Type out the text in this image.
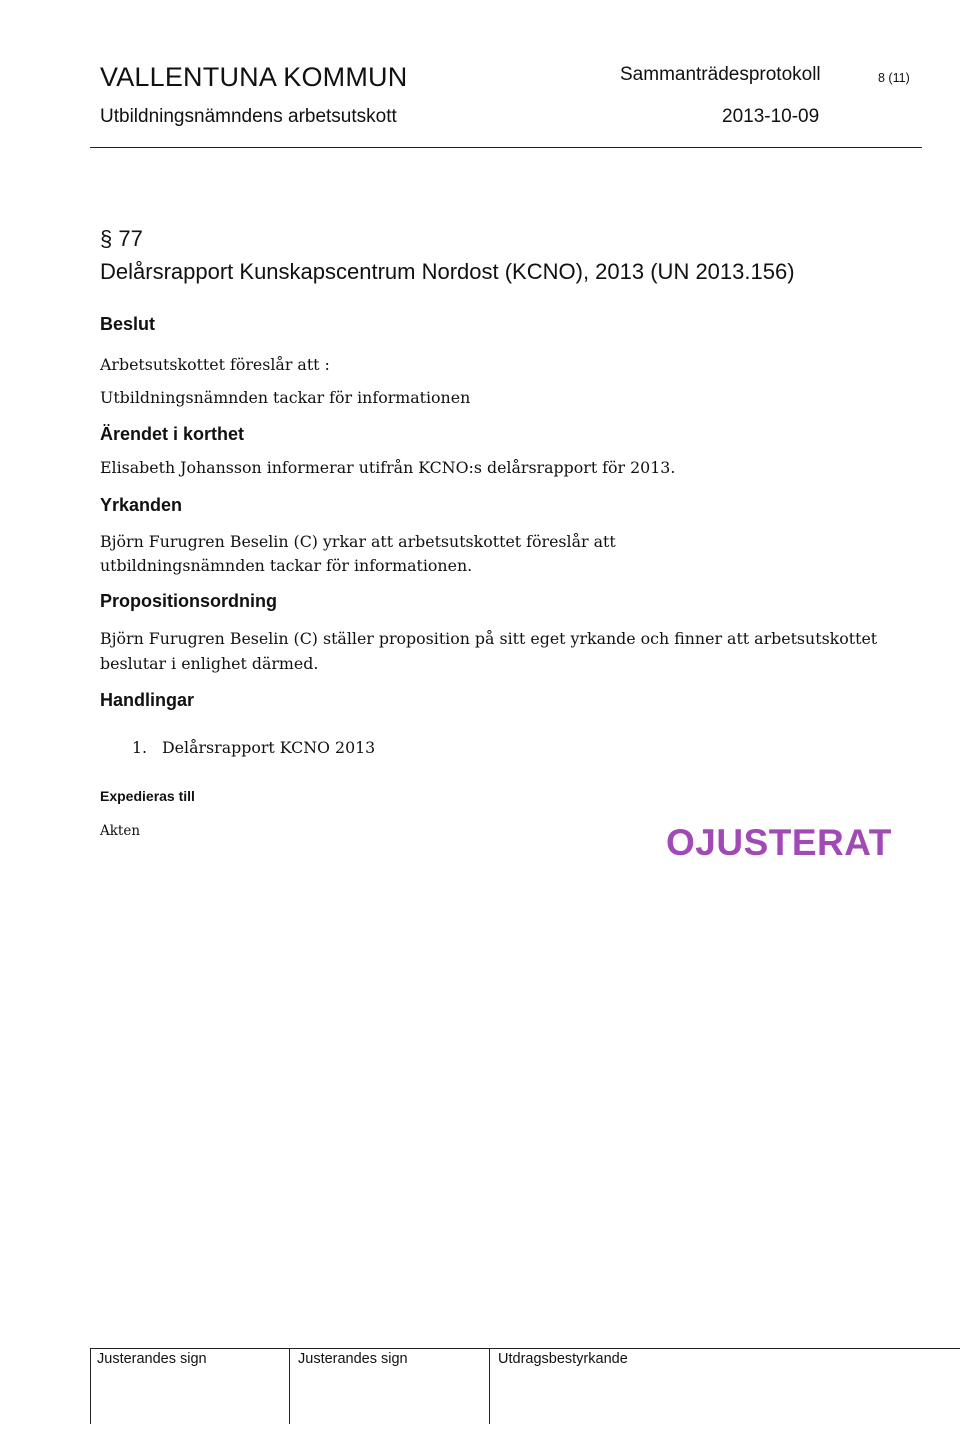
VALLENTUNA KOMMUN
Utbildningsnämndens arbetsutskott
Sammanträdesprotokoll	8 (11)
2013-10-09
§ 77
Delårsrapport Kunskapscentrum Nordost (KCNO), 2013 (UN 2013.156)
Beslut
Arbetsutskottet föreslår att :
Utbildningsnämnden tackar för informationen
Ärendet i korthet
Elisabeth Johansson informerar utifrån KCNO:s delårsrapport för 2013.
Yrkanden
Björn Furugren Beselin (C) yrkar att arbetsutskottet föreslår att
utbildningsnämnden tackar för informationen.
Propositionsordning
Björn Furugren Beselin (C) ställer proposition på sitt eget yrkande och finner att arbetsutskottet
beslutar i enlighet därmed.
Handlingar
1. Delårsrapport KCNO 2013
Expedieras till
Akten	OJUSTERAT
Justerandes sign	Justerandes sign	Utdragsbestyrkande
